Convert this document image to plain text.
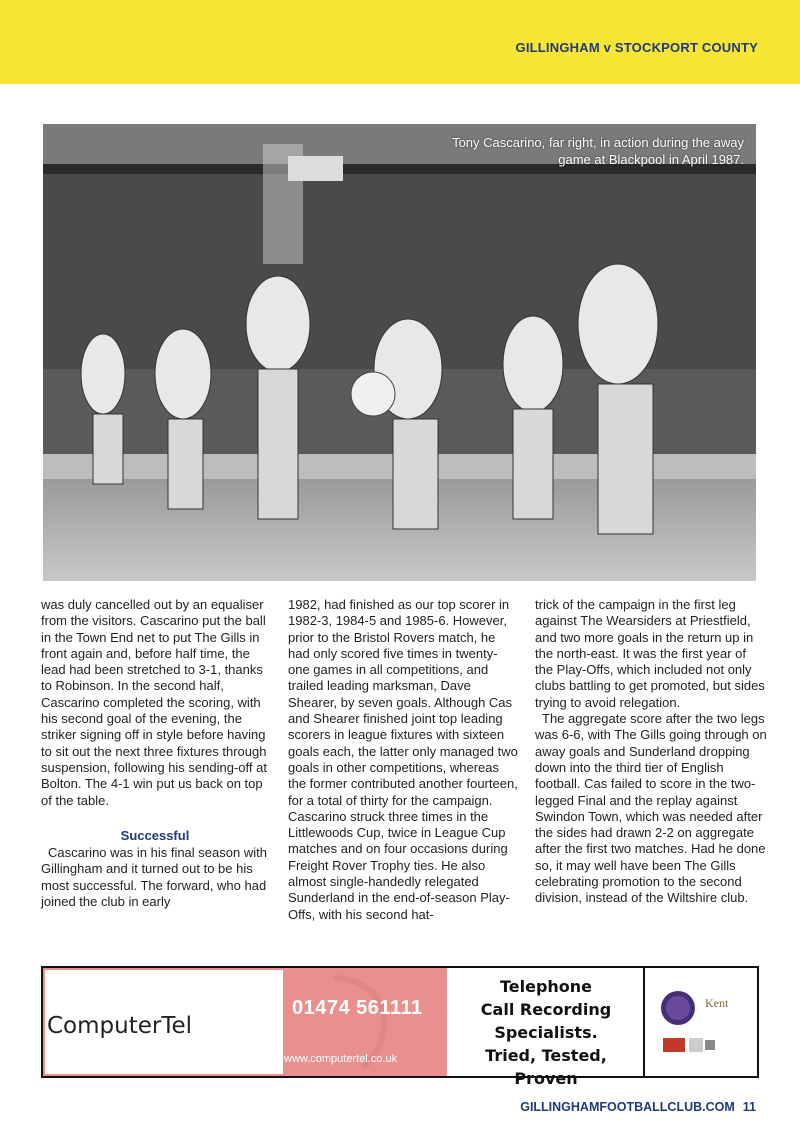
GILLINGHAM v STOCKPORT COUNTY
Tony Cascarino, far right, in action during the away game at Blackpool in April 1987.

was duly cancelled out by an equaliser from the visitors. Cascarino put the ball in the Town End net to put The Gills in front again and, before half time, the lead had been stretched to 3-1, thanks to Robinson. In the second half, Cascarino completed the scoring, with his second goal of the evening, the striker signing off in style before having to sit out the next three fixtures through suspension, following his sending-off at Bolton. The 4-1 win put us back on top of the table.

Successful

Cascarino was in his final season with Gillingham and it turned out to be his most successful. The forward, who had joined the club in early

1982, had finished as our top scorer in 1982-3, 1984-5 and 1985-6. However, prior to the Bristol Rovers match, he had only scored five times in twenty-one games in all competitions, and trailed leading marksman, Dave Shearer, by seven goals. Although Cas and Shearer finished joint top leading scorers in league fixtures with sixteen goals each, the latter only managed two goals in other competitions, whereas the former contributed another fourteen, for a total of thirty for the campaign. Cascarino struck three times in the Littlewoods Cup, twice in League Cup matches and on four occasions during Freight Rover Trophy ties. He also almost single-handedly relegated Sunderland in the end-of-season Play-Offs, with his second hat-

trick of the campaign in the first leg against The Wearsiders at Priestfield, and two more goals in the return up in the north-east. It was the first year of the Play-Offs, which included not only clubs battling to get promoted, but sides trying to avoid relegation.

The aggregate score after the two legs was 6-6, with The Gills going through on away goals and Sunderland dropping down into the third tier of English football. Cas failed to score in the two-legged Final and the replay against Swindon Town, which was needed after the sides had drawn 2-2 on aggregate after the first two matches. Had he done so, it may well have been The Gills celebrating promotion to the second division, instead of the Wiltshire club.

ComputerTel
01474 561111
www.computertel.co.uk
Telephone
Call Recording
Specialists.
Tried, Tested, Proven
Kent
GILLINGHAMFOOTBALLCLUB.COM 11
